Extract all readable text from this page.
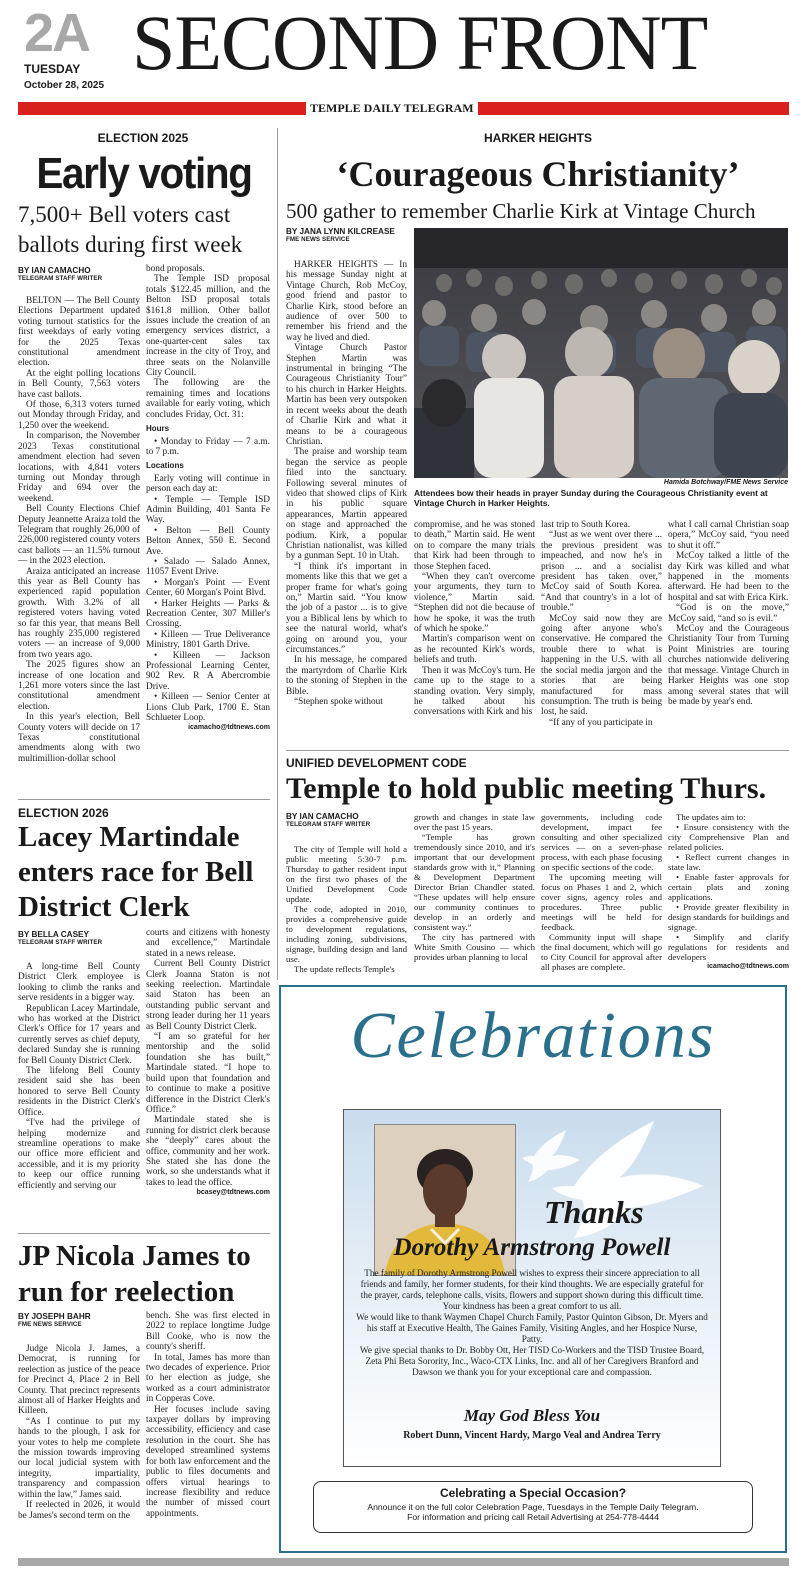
2A
TUESDAY
October 28, 2025 SECOND FRONT
TEMPLE DAILY TELEGRAM
ELECTION 2025
Early voting
7,500+ Bell voters cast ballots during first week
BY IAN CAMACHO
TELEGRAM STAFF WRITER

BELTON — The Bell County Elections Department updated voting turnout statistics for the first weekdays of early voting for the 2025 Texas constitutional amendment election.

At the eight polling locations in Bell County, 7,563 voters have cast ballots.

Of those, 6,313 voters turned out Monday through Friday, and 1,250 over the weekend.

In comparison, the November 2023 Texas constitutional amendment election had seven locations, with 4,841 voters turning out Monday through Friday and 694 over the weekend.

Bell County Elections Chief Deputy Jeannette Araiza told the Telegram that roughly 26,000 of 226,000 registered county voters cast ballots — an 11.5% turnout — in the 2023 election.

Araiza anticipated an increase this year as Bell County has experienced rapid population growth. With 3.2% of all registered voters having voted so far this year, that means Bell has roughly 235,000 registered voters — an increase of 9,000 from two years ago.

The 2025 figures show an increase of one location and 1,261 more voters since the last constitutional amendment election.

In this year's election, Bell County voters will decide on 17 Texas constitutional amendments along with two multimillion-dollar school

bond proposals.

The Temple ISD proposal totals $122.45 million, and the Belton ISD proposal totals $161.8 million. Other ballot issues include the creation of an emergency services district, a one-quarter-cent sales tax increase in the city of Troy, and three seats on the Nolanville City Council.

The following are the remaining times and locations available for early voting, which concludes Friday, Oct. 31:

Hours

• Monday to Friday — 7 a.m. to 7 p.m.

Locations

Early voting will continue in person each day at:

• Temple — Temple ISD Admin Building, 401 Santa Fe Way.

• Belton — Bell County Belton Annex, 550 E. Second Ave.

• Salado — Salado Annex, 11057 Event Drive.

• Morgan's Point — Event Center, 60 Morgan's Point Blvd.

• Harker Heights — Parks & Recreation Center, 307 Miller's Crossing.

• Killeen — True Deliverance Ministry, 1801 Garth Drive.

• Killeen — Jackson Professional Learning Center, 902 Rev. R A Abercrombie Drive.

• Killeen — Senior Center at Lions Club Park, 1700 E. Stan Schlueter Loop.

icamacho@tdtnews.com
ELECTION 2026
Lacey Martindale enters race for Bell District Clerk
BY BELLA CASEY
TELEGRAM STAFF WRITER

A long-time Bell County District Clerk employee is looking to climb the ranks and serve residents in a bigger way.

Republican Lacey Martindale, who has worked at the District Clerk's Office for 17 years and currently serves as chief deputy, declared Sunday she is running for Bell County District Clerk.

The lifelong Bell County resident said she has been honored to serve Bell County residents in the District Clerk's Office.

“I've had the privilege of helping modernize and streamline operations to make our office more efficient and accessible, and it is my priority to keep our office running efficiently and serving our

courts and citizens with honesty and excellence,” Martindale stated in a news release.

Current Bell County District Clerk Joanna Staton is not seeking reelection. Martindale said Staton has been an outstanding public servant and strong leader during her 11 years as Bell County District Clerk.

“I am so grateful for her mentorship and the solid foundation she has built,” Martindale stated. “I hope to build upon that foundation and to continue to make a positive difference in the District Clerk's Office.”

Martindale stated she is running for district clerk because she “deeply” cares about the office, community and her work. She stated she has done the work, so she understands what it takes to lead the office.

bcasey@tdtnews.com
JP Nicola James to run for reelection
BY JOSEPH BAHR
FME NEWS SERVICE

Judge Nicola J. James, a Democrat, is running for reelection as justice of the peace for Precinct 4, Place 2 in Bell County. That precinct represents almost all of Harker Heights and Killeen.

“As I continue to put my hands to the plough, I ask for your votes to help me complete the mission towards improving our local judicial system with integrity, impartiality, transparency and compassion within the law,” James said.

If reelected in 2026, it would be James's second term on the

bench. She was first elected in 2022 to replace longtime Judge Bill Cooke, who is now the county's sheriff.

In total, James has more than two decades of experience. Prior to her election as judge, she worked as a court administrator in Copperas Cove.

Her focuses include saving taxpayer dollars by improving accessibility, efficiency and case resolution in the court. She has developed streamlined systems for both law enforcement and the public to files documents and offers virtual hearings to increase flexibility and reduce the number of missed court appointments.

HARKER HEIGHTS
‘Courageous Christianity’
500 gather to remember Charlie Kirk at Vintage Church
BY JANA LYNN KILCREASE
FME NEWS SERVICE
Hamida Botchway/FME News Service
Attendees bow their heads in prayer Sunday during the Courageous Christianity event at Vintage Church in Harker Heights.

HARKER HEIGHTS — In his message Sunday night at Vintage Church, Rob McCoy, good friend and pastor to Charlie Kirk, stood before an audience of over 500 to remember his friend and the way he lived and died.

Vintage Church Pastor Stephen Martin was instrumental in bringing “The Courageous Christianity Tour” to his church in Harker Heights. Martin has been very outspoken in recent weeks about the death of Charlie Kirk and what it means to be a courageous Christian.

The praise and worship team began the service as people filed into the sanctuary. Following several minutes of video that showed clips of Kirk in his public square appearances, Martin appeared on stage and approached the podium. Kirk, a popular Christian nationalist, was killed by a gunman Sept. 10 in Utah.

“I think it's important in moments like this that we get a proper frame for what's going on,” Martin said. “You know the job of a pastor ... is to give you a Biblical lens by which to see the natural world, what's going on around you, your circumstances.”

In his message, he compared the martyrdom of Charlie Kirk to the stoning of Stephen in the Bible.

“Stephen spoke without

compromise, and he was stoned to death,” Martin said. He went on to compare the many trials that Kirk had been through to those Stephen faced.

“When they can't overcome your arguments, they turn to violence,” Martin said. “Stephen did not die because of how he spoke, it was the truth of which he spoke.”

Martin's comparison went on as he recounted Kirk's words, beliefs and truth.

Then it was McCoy's turn. He came up to the stage to a standing ovation. Very simply, he talked about his conversations with Kirk and his

last trip to South Korea.

“Just as we went over there ... the previous president was impeached, and now he's in prison ... and a socialist president has taken over,” McCoy said of South Korea. “And that country's in a lot of trouble.”

McCoy said now they are going after anyone who's conservative. He compared the trouble there to what is happening in the U.S. with all the social media jargon and the stories that are being manufactured for mass consumption. The truth is being lost, he said.

“If any of you participate in

what I call carnal Christian soap opera,” McCoy said, “you need to shut it off.”

McCoy talked a little of the day Kirk was killed and what happened in the moments afterward. He had been to the hospital and sat with Erica Kirk.

“God is on the move,” McCoy said, “and so is evil.”

McCoy and the Courageous Christianity Tour from Turning Point Ministries are touring churches nationwide delivering that message. Vintage Church in Harker Heights was one stop among several states that will be made by year's end.

UNIFIED DEVELOPMENT CODE
Temple to hold public meeting Thurs.
BY IAN CAMACHO
TELEGRAM STAFF WRITER

The city of Temple will hold a public meeting 5:30-7 p.m. Thursday to gather resident input on the first two phases of the Unified Development Code update.

The code, adopted in 2010, provides a comprehensive guide to development regulations, including zoning, subdivisions, signage, building design and land use.

The update reflects Temple's

growth and changes in state law over the past 15 years.

“Temple has grown tremendously since 2010, and it's important that our development standards grow with it,” Planning & Development Department Director Brian Chandler stated. “These updates will help ensure our community continues to develop in an orderly and consistent way.”

The city has partnered with White Smith Cousino — which provides urban planning to local

governments, including code development, impact fee consulting and other specialized services — on a seven-phase process, with each phase focusing on specific sections of the code.

The upcoming meeting will focus on Phases 1 and 2, which cover signs, agency roles and procedures. Three public meetings will be held for feedback.

Community input will shape the final document, which will go to City Council for approval after all phases are complete.

The updates aim to:

• Ensure consistency with the city Comprehensive Plan and related policies.

• Reflect current changes in state law.

• Enable faster approvals for certain plats and zoning applications.

• Provide greater flexibility in design standards for buildings and signage.

• Simplify and clarify regulations for residents and developers

icamacho@tdtnews.com
Celebrations
Thanks
Dorothy Armstrong Powell
The family of Dorothy Armstrong Powell wishes to express their sincere appreciation to all friends and family, her former students, for their kind thoughts. We are especially grateful for the prayer, cards, telephone calls, visits, flowers and support shown during this difficult time. Your kindness has been a great comfort to us all.
We would like to thank Waymen Chapel Church Family, Pastor Quinton Gibson, Dr. Myers and his staff at Executive Health, The Gaines Family, Visiting Angles, and her Hospice Nurse, Patty.
We give special thanks to Dr. Bobby Ott, Her TISD Co-Workers and the TISD Trustee Board, Zeta Phi Beta Sorority, Inc., Waco-CTX Links, Inc. and all of her Caregivers Branford and Dawson we thank you for your exceptional care and compassion.
May God Bless You
Robert Dunn, Vincent Hardy, Margo Veal and Andrea Terry
Celebrating a Special Occasion?
Announce it on the full color Celebration Page, Tuesdays in the Temple Daily Telegram.
For information and pricing call Retail Advertising at 254-778-4444
